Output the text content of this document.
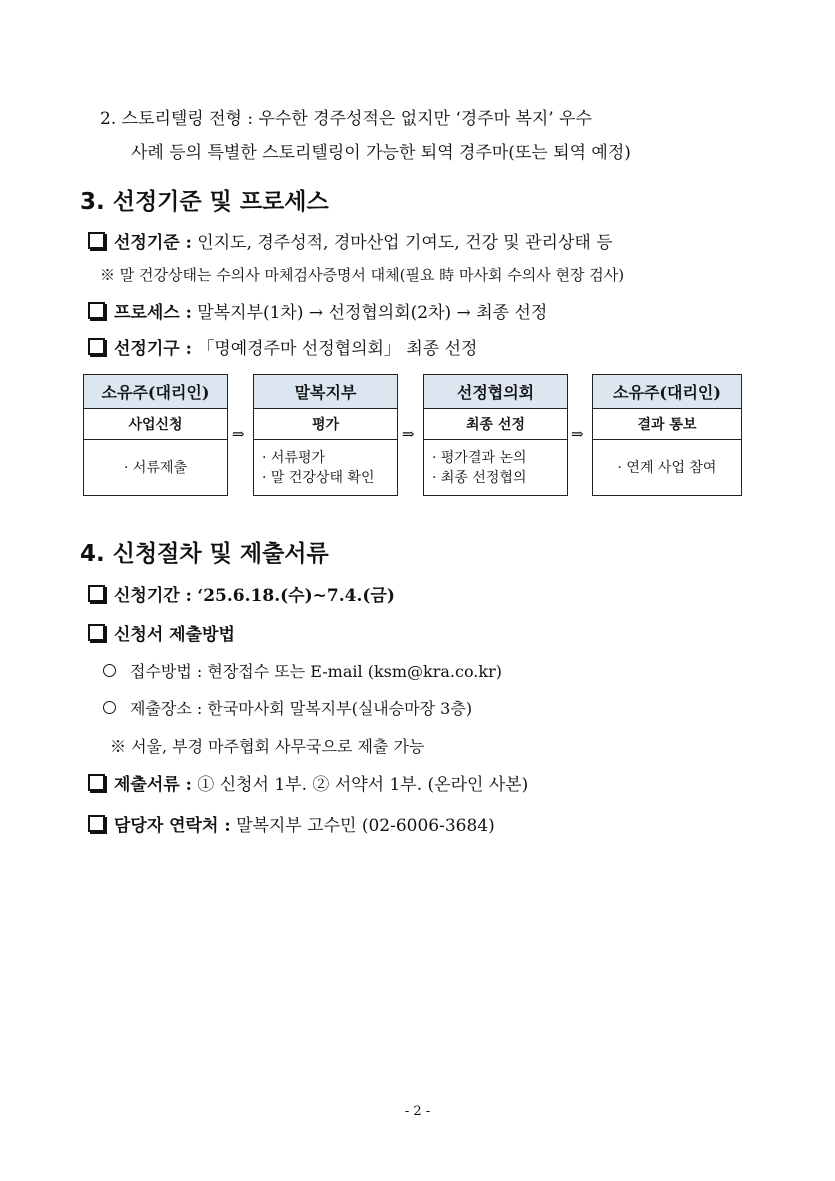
2. 스토리텔링 전형 : 우수한 경주성적은 없지만 ‘경주마 복지’ 우수
사례 등의 특별한 스토리텔링이 가능한 퇴역 경주마(또는 퇴역 예정)
3. 선정기준 및 프로세스
선정기준 : 인지도, 경주성적, 경마산업 기여도, 건강 및 관리상태 등
※ 말 건강상태는 수의사 마체검사증명서 대체(필요 時 마사회 수의사 현장 검사)
프로세스 : 말복지부(1차) → 선정협의회(2차) → 최종 선정
선정기구 : 「명예경주마 선정협의회」 최종 선정
소유주(대리인)
사업신청
· 서류제출
⇒
말복지부
평가
· 서류평가
· 말 건강상태 확인
⇒
선정협의회
최종 선정
· 평가결과 논의
· 최종 선정협의
⇒
소유주(대리인)
결과 통보
· 연계 사업 참여
4. 신청절차 및 제출서류
신청기간 : ‘25.6.18.(수)~7.4.(금)
신청서 제출방법
접수방법 : 현장접수 또는 E-mail (ksm@kra.co.kr)
제출장소 : 한국마사회 말복지부(실내승마장 3층)
※ 서울, 부경 마주협회 사무국으로 제출 가능
제출서류 : ① 신청서 1부. ② 서약서 1부. (온라인 사본)
담당자 연락처 : 말복지부 고수민 (02-6006-3684)
- 2 -
